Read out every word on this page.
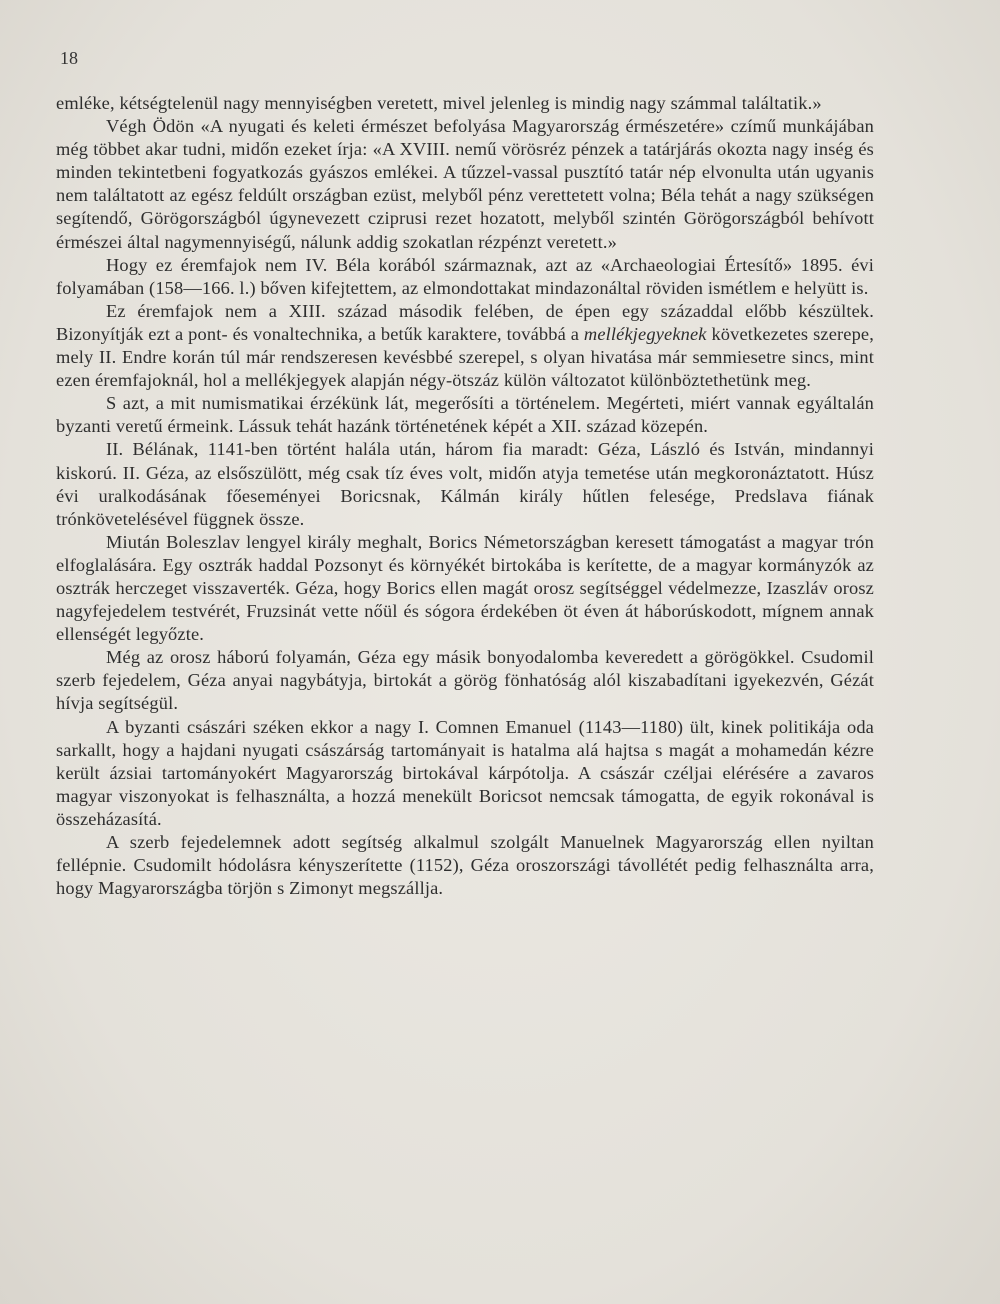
18

emléke, kétségtelenül nagy mennyiségben veretett, mivel jelenleg is mindig nagy számmal találtatik.»

Végh Ödön «A nyugati és keleti érmészet befolyása Magyarország érmészetére» czímű munkájában még többet akar tudni, midőn ezeket írja: «A XVIII. nemű vörösréz pénzek a tatárjárás okozta nagy inség és minden tekintetbeni fogyatkozás gyászos emlékei. A tűzzel-vassal pusztító tatár nép elvonulta után ugyanis nem találtatott az egész feldúlt országban ezüst, melyből pénz verettetett volna; Béla tehát a nagy szükségen segítendő, Görögországból úgynevezett cziprusi rezet hozatott, melyből szintén Görögországból behívott érmészei által nagymennyiségű, nálunk addig szokatlan rézpénzt veretett.»

Hogy ez éremfajok nem IV. Béla korából származnak, azt az «Archaeologiai Értesítő» 1895. évi folyamában (158—166. l.) bőven kifejtettem, az elmondottakat mindazonáltal röviden ismétlem e helyütt is.

Ez éremfajok nem a XIII. század második felében, de épen egy századdal előbb készültek. Bizonyítják ezt a pont- és vonaltechnika, a betűk karaktere, továbbá a mellékjegyeknek következetes szerepe, mely II. Endre korán túl már rendszeresen kevésbbé szerepel, s olyan hivatása már semmiesetre sincs, mint ezen éremfajoknál, hol a mellékjegyek alapján négy-ötszáz külön változatot különböztethetünk meg.

S azt, a mit numismatikai érzékünk lát, megerősíti a történelem. Megérteti, miért vannak egyáltalán byzanti veretű érmeink. Lássuk tehát hazánk történetének képét a XII. század közepén.

II. Bélának, 1141-ben történt halála után, három fia maradt: Géza, László és István, mindannyi kiskorú. II. Géza, az elsőszülött, még csak tíz éves volt, midőn atyja temetése után megkoronáztatott. Húsz évi uralkodásának főeseményei Boricsnak, Kálmán király hűtlen felesége, Predslava fiának trónkövetelésével függnek össze.

Miután Boleszlav lengyel király meghalt, Borics Németországban keresett támogatást a magyar trón elfoglalására. Egy osztrák haddal Pozsonyt és környékét birtokába is kerítette, de a magyar kormányzók az osztrák herczeget visszaverték. Géza, hogy Borics ellen magát orosz segítséggel védelmezze, Izaszláv orosz nagyfejedelem testvérét, Fruzsinát vette nőül és sógora érdekében öt éven át háborúskodott, mígnem annak ellenségét legyőzte.

Még az orosz háború folyamán, Géza egy másik bonyodalomba keveredett a görögökkel. Csudomil szerb fejedelem, Géza anyai nagybátyja, birtokát a görög fönhatóság alól kiszabadítani igyekezvén, Gézát hívja segítségül.

A byzanti császári széken ekkor a nagy I. Comnen Emanuel (1143—1180) ült, kinek politikája oda sarkallt, hogy a hajdani nyugati császárság tartományait is hatalma alá hajtsa s magát a mohamedán kézre került ázsiai tartományokért Magyarország birtokával kárpótolja. A császár czéljai elérésére a zavaros magyar viszonyokat is felhasználta, a hozzá menekült Boricsot nemcsak támogatta, de egyik rokonával is összeházasítá.

A szerb fejedelemnek adott segítség alkalmul szolgált Manuelnek Magyarország ellen nyiltan fellépnie. Csudomilt hódolásra kényszerítette (1152), Géza oroszországi távollétét pedig felhasználta arra, hogy Magyarországba törjön s Zimonyt megszállja.
